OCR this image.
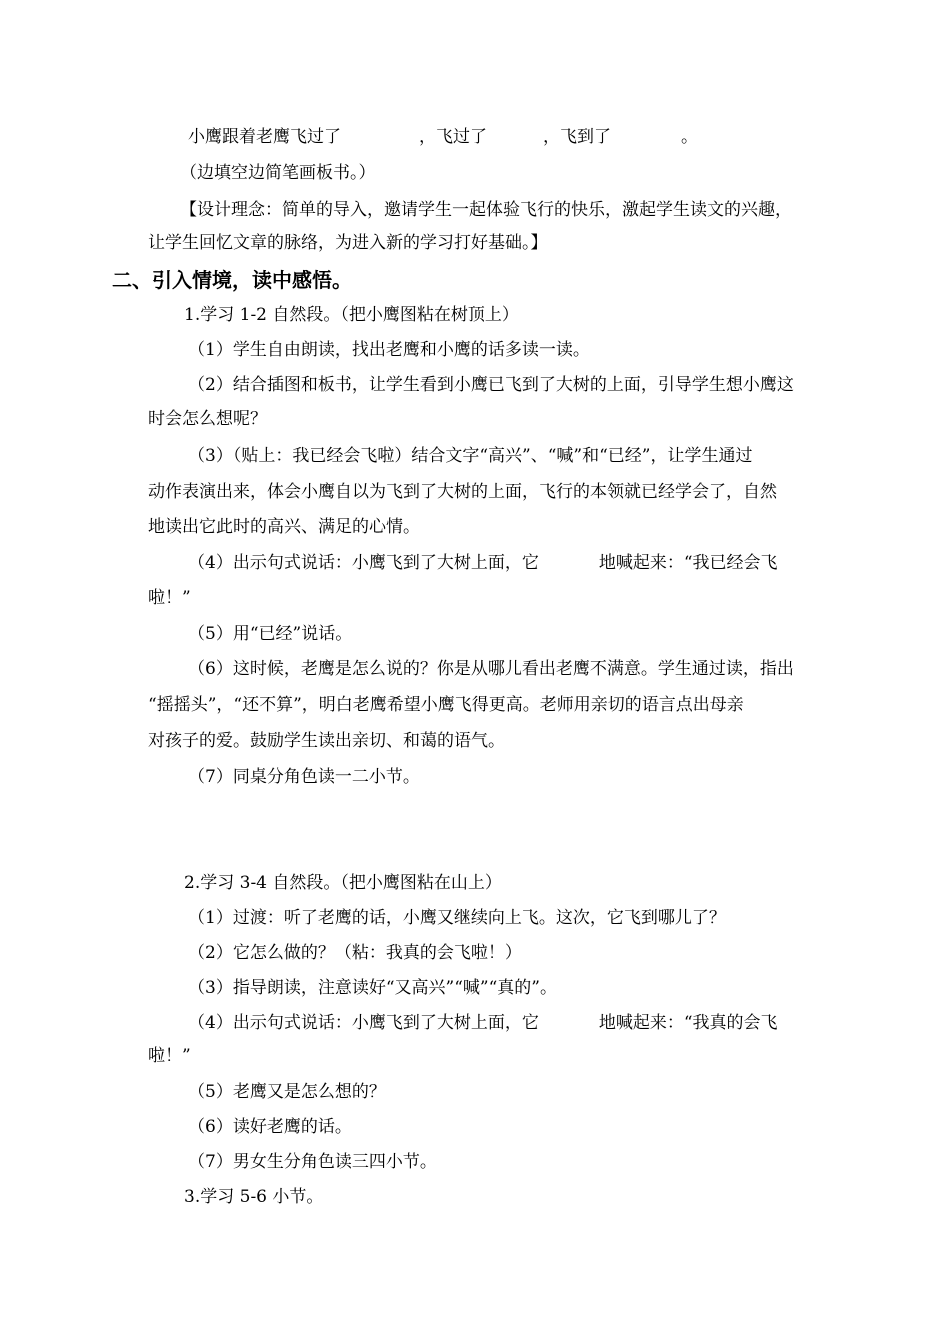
小鹰跟着老鹰飞过了	，飞过了	，飞到了	。

（边填空边简笔画板书。）

【设计理念：简单的导入，邀请学生一起体验飞行的快乐，激起学生读文的兴趣，

让学生回忆文章的脉络，为进入新的学习打好基础。】

二、引入情境，读中感悟。

1.学习 1-2 自然段。（把小鹰图粘在树顶上）

（1）学生自由朗读，找出老鹰和小鹰的话多读一读。

（2）结合插图和板书，让学生看到小鹰已飞到了大树的上面，引导学生想小鹰这

时会怎么想呢？

（3）（贴上：我已经会飞啦）结合文字“高兴”、“喊”和“已经”，让学生通过

动作表演出来，体会小鹰自以为飞到了大树的上面，飞行的本领就已经学会了，自然

地读出它此时的高兴、满足的心情。

（4）出示句式说话：小鹰飞到了大树上面，它	地喊起来：“我已经会飞

啦！”

（5）用“已经”说话。

（6）这时候，老鹰是怎么说的？你是从哪儿看出老鹰不满意。学生通过读，指出

“摇摇头”，“还不算”，明白老鹰希望小鹰飞得更高。老师用亲切的语言点出母亲

对孩子的爱。鼓励学生读出亲切、和蔼的语气。

（7）同桌分角色读一二小节。

2.学习 3-4 自然段。（把小鹰图粘在山上）

（1）过渡：听了老鹰的话，小鹰又继续向上飞。这次，它飞到哪儿了？

（2）它怎么做的？（粘：我真的会飞啦！）

（3）指导朗读，注意读好“又高兴”“喊”“真的”。

（4）出示句式说话：小鹰飞到了大树上面，它	地喊起来：“我真的会飞

啦！”

（5）老鹰又是怎么想的？

（6）读好老鹰的话。

（7）男女生分角色读三四小节。

3.学习 5-6 小节。
